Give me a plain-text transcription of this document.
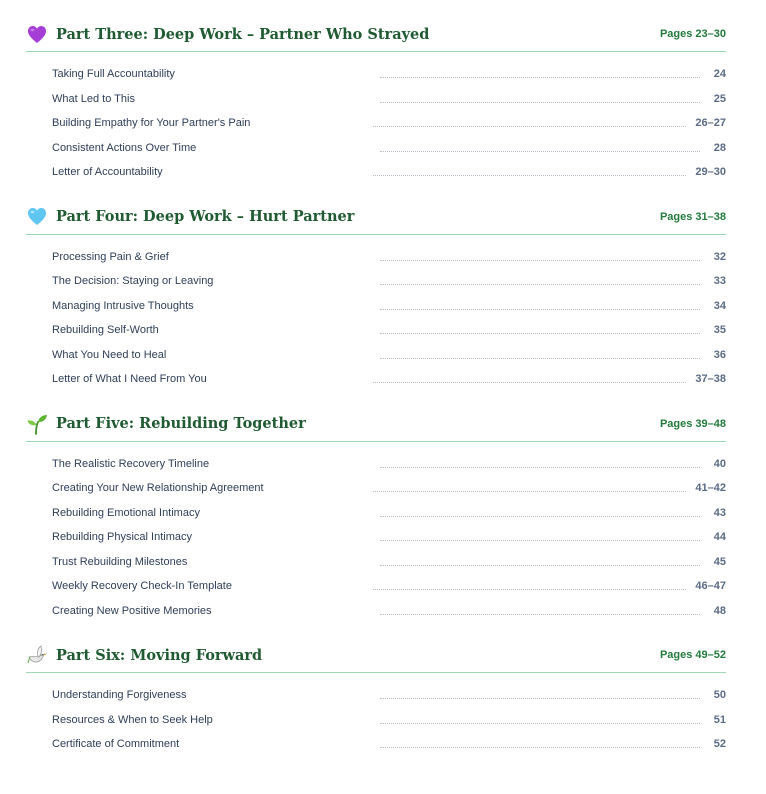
Part Three: Deep Work – Partner Who Strayed	Pages 23–30
Taking Full Accountability	24
What Led to This	25
Building Empathy for Your Partner's Pain	26–27
Consistent Actions Over Time	28
Letter of Accountability	29–30
Part Four: Deep Work – Hurt Partner	Pages 31–38
Processing Pain & Grief	32
The Decision: Staying or Leaving	33
Managing Intrusive Thoughts	34
Rebuilding Self-Worth	35
What You Need to Heal	36
Letter of What I Need From You	37–38
Part Five: Rebuilding Together	Pages 39–48
The Realistic Recovery Timeline	40
Creating Your New Relationship Agreement	41–42
Rebuilding Emotional Intimacy	43
Rebuilding Physical Intimacy	44
Trust Rebuilding Milestones	45
Weekly Recovery Check-In Template	46–47
Creating New Positive Memories	48
Part Six: Moving Forward	Pages 49–52
Understanding Forgiveness	50
Resources & When to Seek Help	51
Certificate of Commitment	52
